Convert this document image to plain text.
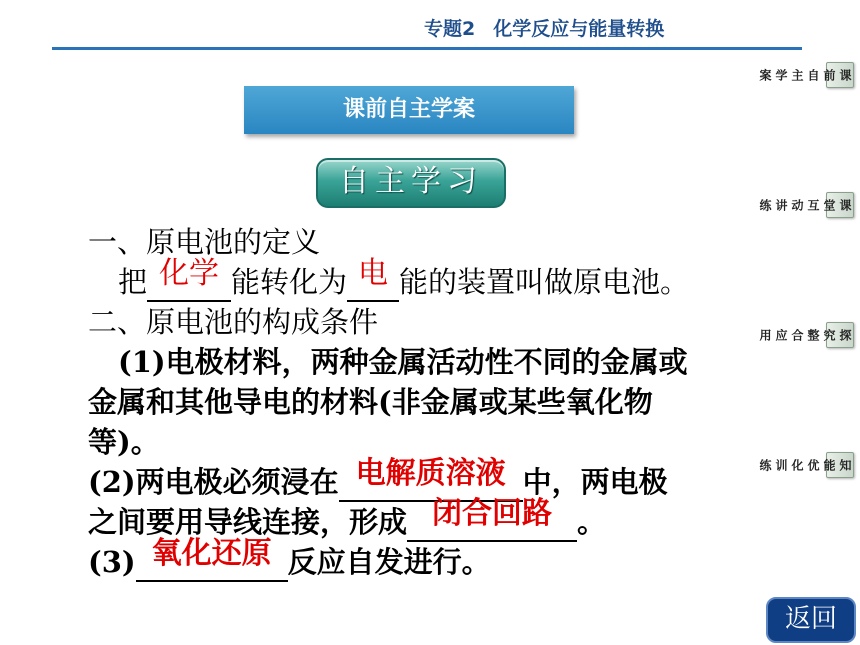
专题2 化学反应与能量转换
课前自主学案
自主学习
一、原电池的定义
把 化学 能转化为 电 能的装置叫做原电池。
二、原电池的构成条件
(1)电极材料，两种金属活动性不同的金属或
金属和其他导电的材料(非金属或某些氧化物
等)。
(2)两电极必须浸在 电解质溶液 中，两电极
之间要用导线连接，形成 闭合回路 。
(3) 氧化还原 反应自发进行。
课前自主学案
课堂互动讲练
探究整合应用
知能优化训练
返回
